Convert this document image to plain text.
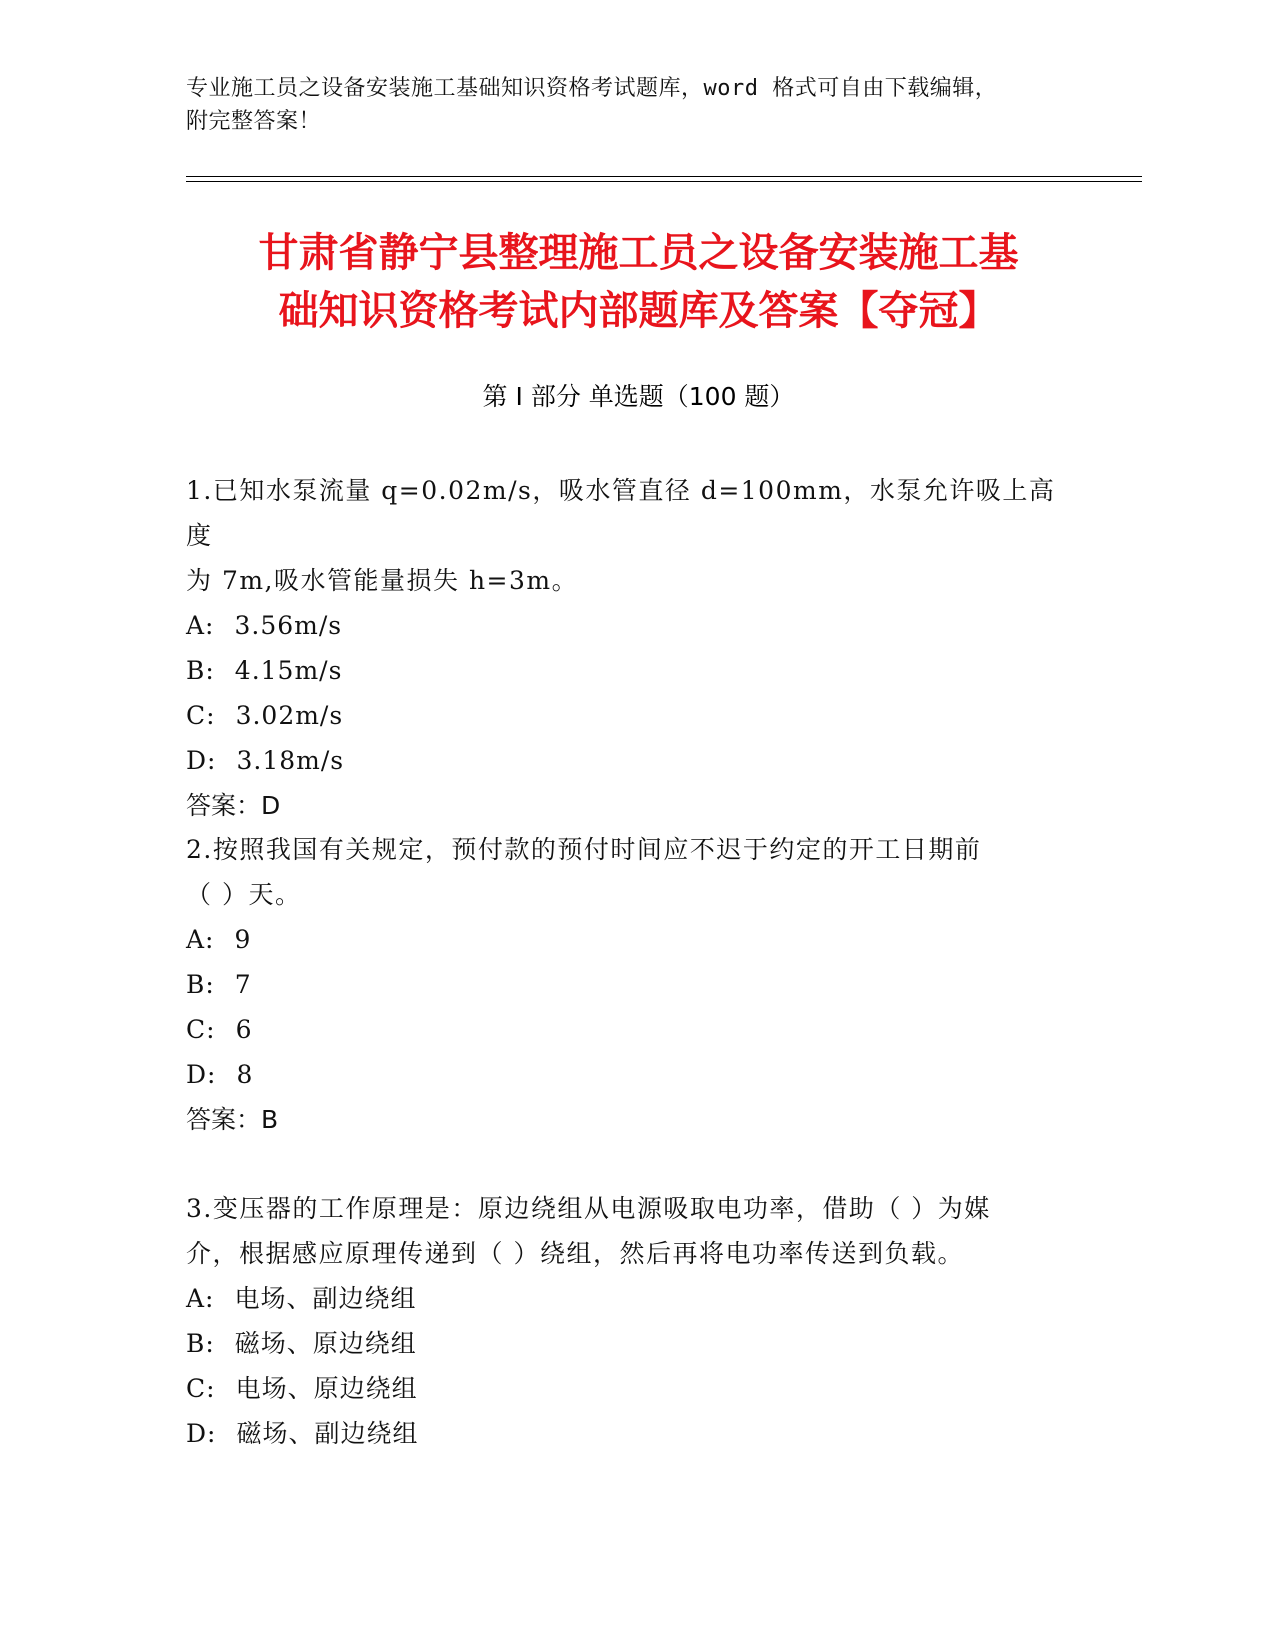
专业施工员之设备安装施工基础知识资格考试题库，word 格式可自由下载编辑，
附完整答案！

甘肃省静宁县整理施工员之设备安装施工基
础知识资格考试内部题库及答案【夺冠】
第 I 部分 单选题（100 题）

1.已知水泵流量 q=0.02m/s，吸水管直径 d=100mm，水泵允许吸上高度
为 7m,吸水管能量损失 h=3m。

A: 3.56m/s

B: 4.15m/s

C: 3.02m/s

D: 3.18m/s

答案：D

2.按照我国有关规定，预付款的预付时间应不迟于约定的开工日期前
（ ）天。

A: 9

B: 7

C: 6

D: 8

答案：B

3.变压器的工作原理是：原边绕组从电源吸取电功率，借助（ ）为媒
介，根据感应原理传递到（ ）绕组，然后再将电功率传送到负载。

A: 电场、副边绕组

B: 磁场、原边绕组

C: 电场、原边绕组

D: 磁场、副边绕组
